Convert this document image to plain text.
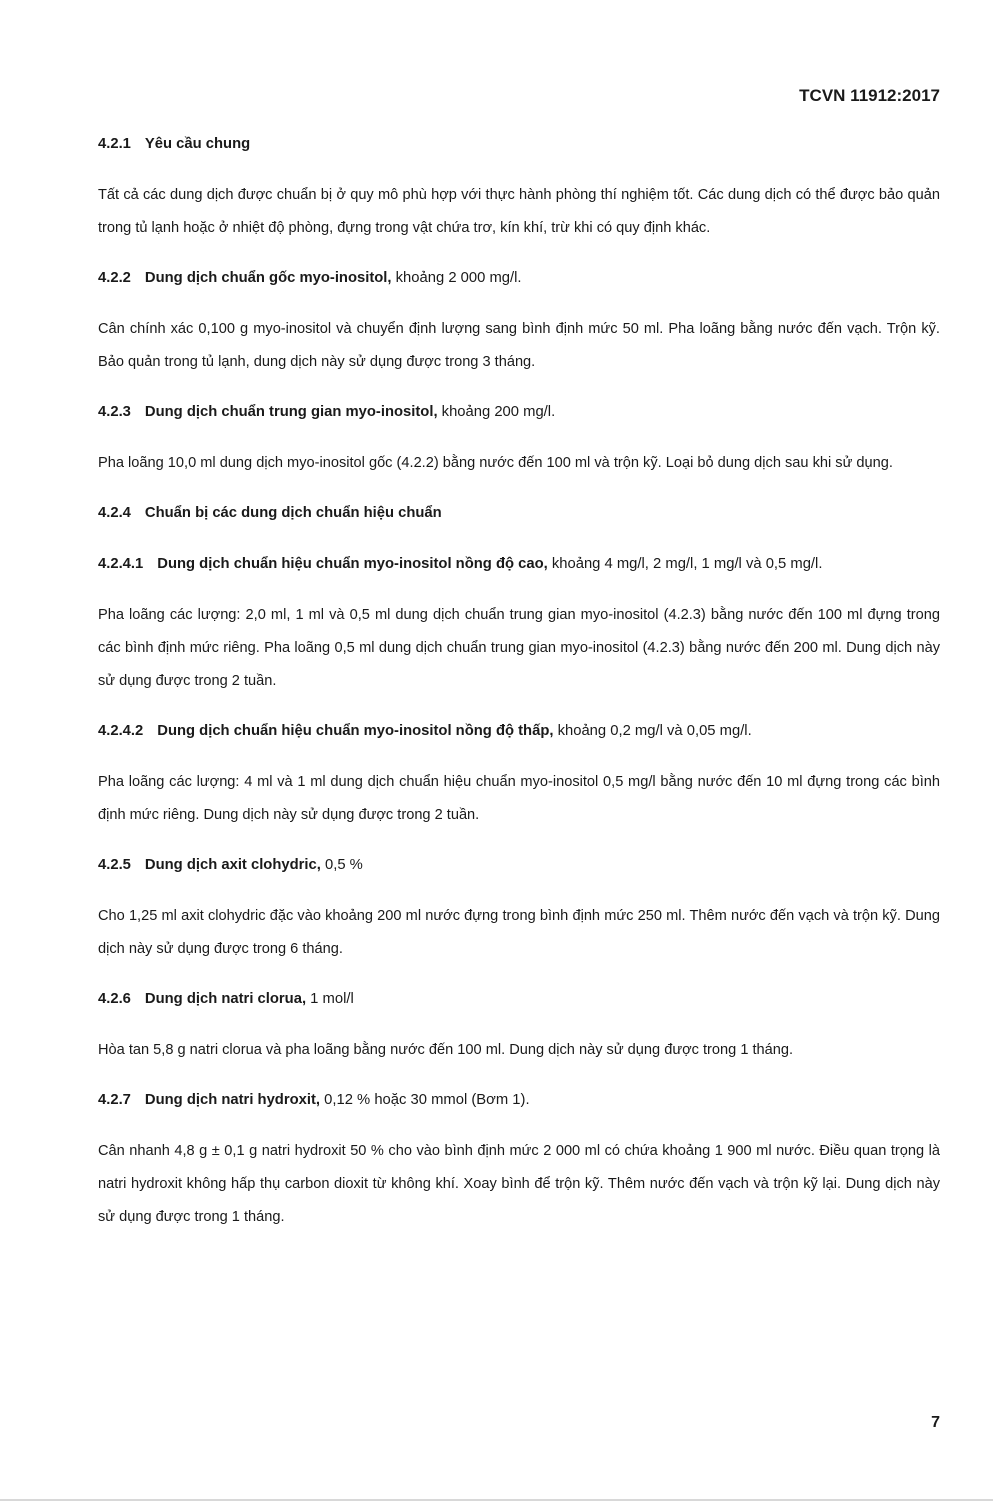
TCVN 11912:2017

4.2.1 Yêu cầu chung

Tất cả các dung dịch được chuẩn bị ở quy mô phù hợp với thực hành phòng thí nghiệm tốt. Các dung dịch có thể được bảo quản trong tủ lạnh hoặc ở nhiệt độ phòng, đựng trong vật chứa trơ, kín khí, trừ khi có quy định khác.

4.2.2 Dung dịch chuẩn gốc myo-inositol, khoảng 2 000 mg/l.

Cân chính xác 0,100 g myo-inositol và chuyển định lượng sang bình định mức 50 ml. Pha loãng bằng nước đến vạch. Trộn kỹ. Bảo quản trong tủ lạnh, dung dịch này sử dụng được trong 3 tháng.

4.2.3 Dung dịch chuẩn trung gian myo-inositol, khoảng 200 mg/l.

Pha loãng 10,0 ml dung dịch myo-inositol gốc (4.2.2) bằng nước đến 100 ml và trộn kỹ. Loại bỏ dung dịch sau khi sử dụng.

4.2.4 Chuẩn bị các dung dịch chuẩn hiệu chuẩn

4.2.4.1 Dung dịch chuẩn hiệu chuẩn myo-inositol nồng độ cao, khoảng 4 mg/l, 2 mg/l, 1 mg/l và 0,5 mg/l.

Pha loãng các lượng: 2,0 ml, 1 ml và 0,5 ml dung dịch chuẩn trung gian myo-inositol (4.2.3) bằng nước đến 100 ml đựng trong các bình định mức riêng. Pha loãng 0,5 ml dung dịch chuẩn trung gian myo-inositol (4.2.3) bằng nước đến 200 ml. Dung dịch này sử dụng được trong 2 tuần.

4.2.4.2 Dung dịch chuẩn hiệu chuẩn myo-inositol nồng độ thấp, khoảng 0,2 mg/l và 0,05 mg/l.

Pha loãng các lượng: 4 ml và 1 ml dung dịch chuẩn hiệu chuẩn myo-inositol 0,5 mg/l bằng nước đến 10 ml đựng trong các bình định mức riêng. Dung dịch này sử dụng được trong 2 tuần.

4.2.5 Dung dịch axit clohydric, 0,5 %

Cho 1,25 ml axit clohydric đặc vào khoảng 200 ml nước đựng trong bình định mức 250 ml. Thêm nước đến vạch và trộn kỹ. Dung dịch này sử dụng được trong 6 tháng.

4.2.6 Dung dịch natri clorua, 1 mol/l

Hòa tan 5,8 g natri clorua và pha loãng bằng nước đến 100 ml. Dung dịch này sử dụng được trong 1 tháng.

4.2.7 Dung dịch natri hydroxit, 0,12 % hoặc 30 mmol (Bơm 1).

Cân nhanh 4,8 g ± 0,1 g natri hydroxit 50 % cho vào bình định mức 2 000 ml có chứa khoảng 1 900 ml nước. Điều quan trọng là natri hydroxit không hấp thụ carbon dioxit từ không khí. Xoay bình để trộn kỹ. Thêm nước đến vạch và trộn kỹ lại. Dung dịch này sử dụng được trong 1 tháng.

7
